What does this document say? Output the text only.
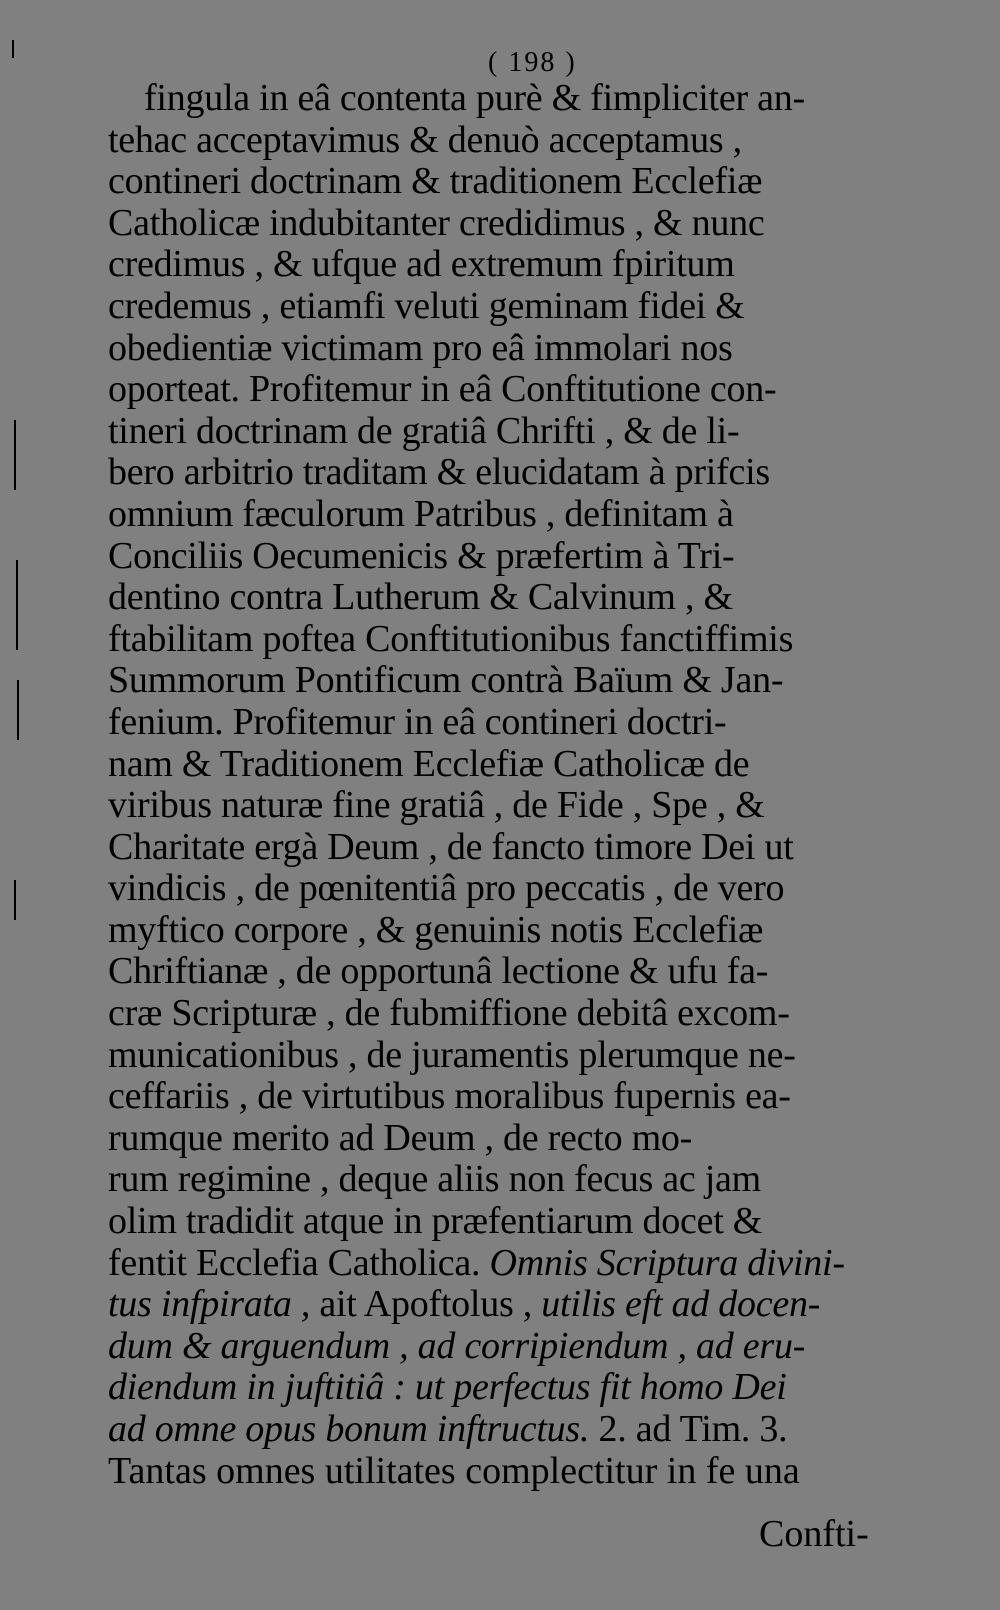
( 198 )
fingula in eâ contenta purè & fimpliciter an-
tehac acceptavimus & denuò acceptamus ,
contineri doctrinam & traditionem Ecclefiæ
Catholicæ indubitanter credidimus , & nunc
credimus , & ufque ad extremum fpiritum
credemus , etiamfi veluti geminam fidei &
obedientiæ victimam pro eâ immolari nos
oporteat. Profitemur in eâ Conftitutione con-
tineri doctrinam de gratiâ Chrifti , & de li-
bero arbitrio traditam & elucidatam à prifcis
omnium fæculorum Patribus , definitam à
Conciliis Oecumenicis & præfertim à Tri-
dentino contra Lutherum & Calvinum , &
ftabilitam poftea Conftitutionibus fanctiffimis
Summorum Pontificum contrà Baïum & Jan-
fenium. Profitemur in eâ contineri doctri-
nam & Traditionem Ecclefiæ Catholicæ de
viribus naturæ fine gratiâ , de Fide , Spe , &
Charitate ergà Deum , de fancto timore Dei ut
vindicis , de pœnitentiâ pro peccatis , de vero
myftico corpore , & genuinis notis Ecclefiæ
Chriftianæ , de opportunâ lectione & ufu fa-
cræ Scripturæ , de fubmiffione debitâ excom-
municationibus , de juramentis plerumque ne-
ceffariis , de virtutibus moralibus fupernis ea-
rumque merito ad Deum , de recto mo-
rum regimine , deque aliis non fecus ac jam
olim tradidit atque in præfentiarum docet &
fentit Ecclefia Catholica. Omnis Scriptura divini-
tus infpirata , ait Apoftolus , utilis eft ad docen-
dum & arguendum , ad corripiendum , ad eru-
diendum in juftitiâ : ut perfectus fit homo Dei
ad omne opus bonum inftructus. 2. ad Tim. 3.
Tantas omnes utilitates complectitur in fe una
Confti-
